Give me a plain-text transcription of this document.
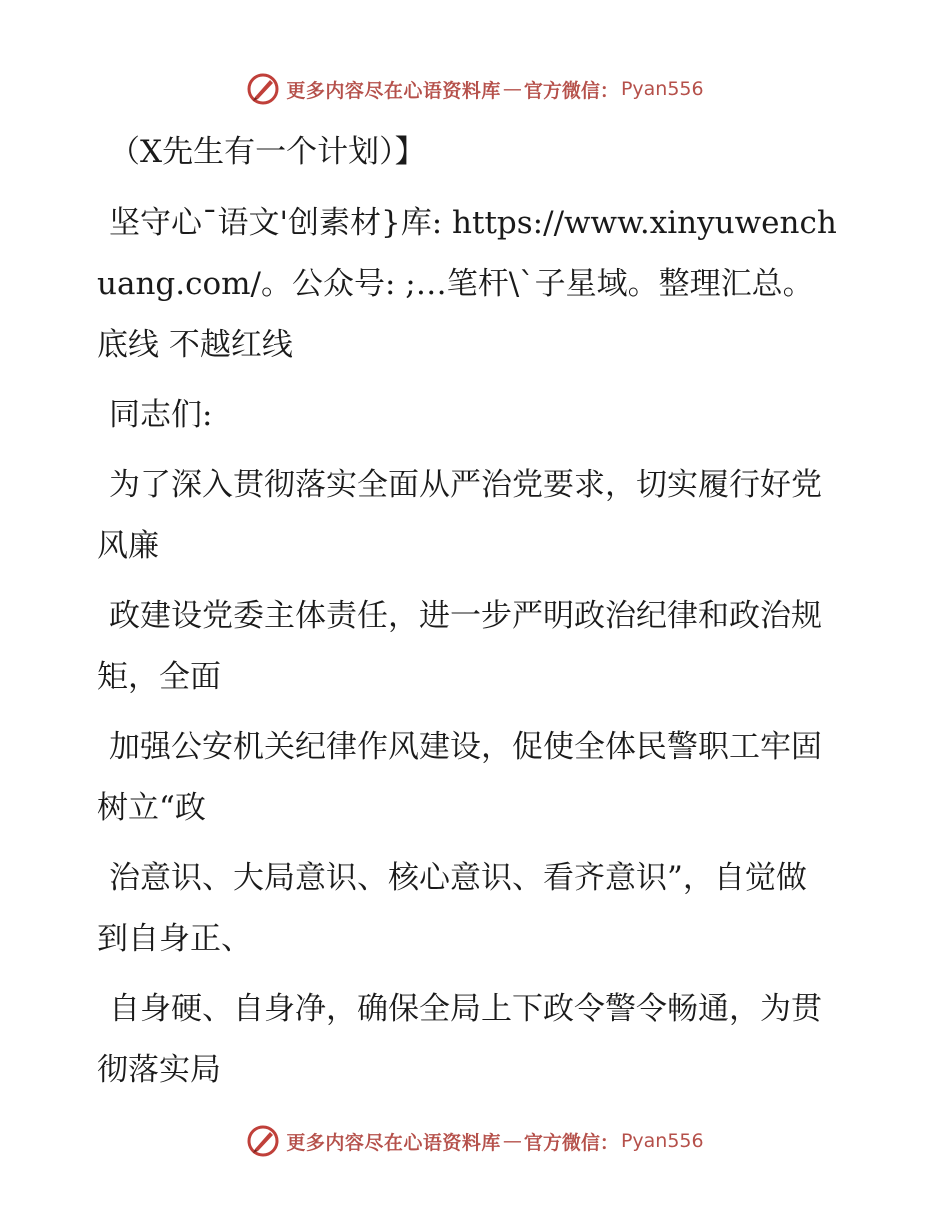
更多内容尽在心语资料库 — 官方微信： Pyan556

（X先生有一个计划）】

坚守心¯语文'创素材}库: https://www.xinyuwenchuang.com/。公众号: ;…笔杆\`子星域。整理汇总。底线 不越红线

同志们:

为了深入贯彻落实全面从严治党要求，切实履行好党风廉

政建设党委主体责任，进一步严明政治纪律和政治规矩，全面

加强公安机关纪律作风建设，促使全体民警职工牢固树立“政

治意识、大局意识、核心意识、看齐意识”，自觉做到自身正、

自身硬、自身净，确保全局上下政令警令畅通，为贯彻落实局

更多内容尽在心语资料库 — 官方微信： Pyan556
